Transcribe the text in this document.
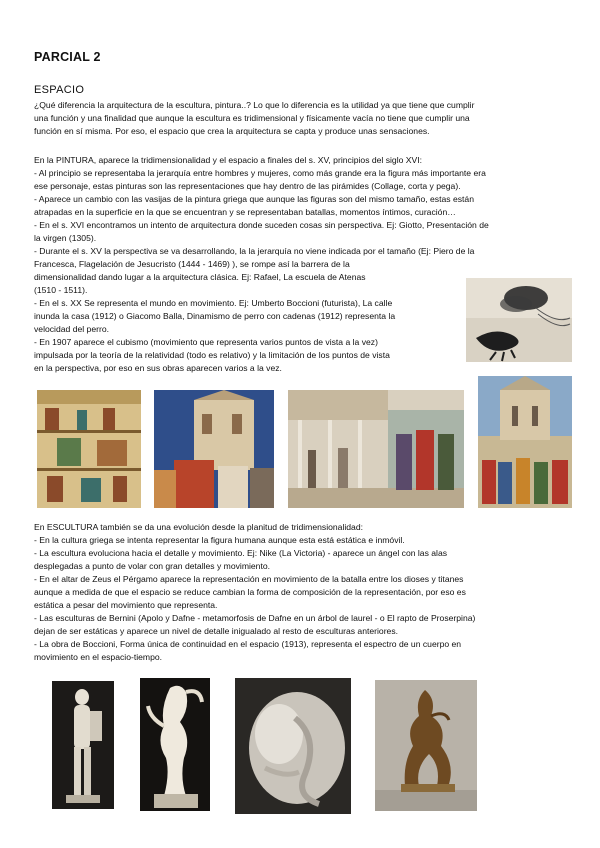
PARCIAL 2
ESPACIO

¿Qué diferencia la arquitectura de la escultura, pintura..? Lo que lo diferencia es la utilidad ya que tiene que cumplir

una función y una finalidad que aunque la escultura es tridimensional y físicamente vacía no tiene que cumplir una

función en sí misma. Por eso, el espacio que crea la arquitectura se capta y produce unas sensaciones.

En la PINTURA, aparece la tridimensionalidad y el espacio a finales del s. XV, principios del siglo XVI:

- Al principio se representaba la jerarquía entre hombres y mujeres, como más grande era la figura más importante era

ese personaje, estas pinturas son las representaciones que hay dentro de las pirámides (Collage, corta y pega).

- Aparece un cambio con las vasijas de la pintura griega que aunque las figuras son del mismo tamaño, estas están

atrapadas en la superficie en la que se encuentran y se representaban batallas, momentos íntimos, curación…

- En el s. XVI encontramos un intento de arquitectura donde suceden cosas sin perspectiva. Ej: Giotto, Presentación de

la virgen (1305).

- Durante el s. XV la perspectiva se va desarrollando, la la jerarquía no viene indicada por el tamaño (Ej: Piero de la

Francesca, Flagelación de Jesucristo (1444 - 1469) ), se rompe así la barrera de la

dimensionalidad dando lugar a la arquitectura clásica. Ej: Rafael, La escuela de Atenas

(1510 - 1511).

- En el s. XX Se representa el mundo en movimiento. Ej: Umberto Boccioni (futurista), La calle

inunda la casa (1912) o Giacomo Balla, Dinamismo de perro con cadenas (1912) representa la

velocidad del perro.

- En 1907 aparece el cubismo (movimiento que representa varios puntos de vista a la vez)

impulsada por la teoría de la relatividad (todo es relativo) y la limitación de los puntos de vista

en la perspectiva, por eso en sus obras aparecen varios a la vez.

En ESCULTURA también se da una evolución desde la planitud de tridimensionalidad:

- En la cultura griega se intenta representar la figura humana aunque esta está estática e inmóvil.

- La escultura evoluciona hacia el detalle y movimiento. Ej: Nike (La Victoria) - aparece un ángel con las alas

desplegadas a punto de volar con gran detalles y movimiento.

- En el altar de Zeus el Pérgamo aparece la representación en movimiento de la batalla entre los dioses y titanes

aunque a medida de que el espacio se reduce cambian la forma de composición de la representación, por eso es

estática a pesar del movimiento que representa.

- Las esculturas de Bernini (Apolo y Dafne - metamorfosis de Dafne en un árbol de laurel - o El rapto de Proserpina)

dejan de ser estáticas y aparece un nivel de detalle inigualado al resto de esculturas anteriores.

- La obra de Boccioni, Forma única de continuidad en el espacio (1913), representa el espectro de un cuerpo en

movimiento en el espacio-tiempo.
